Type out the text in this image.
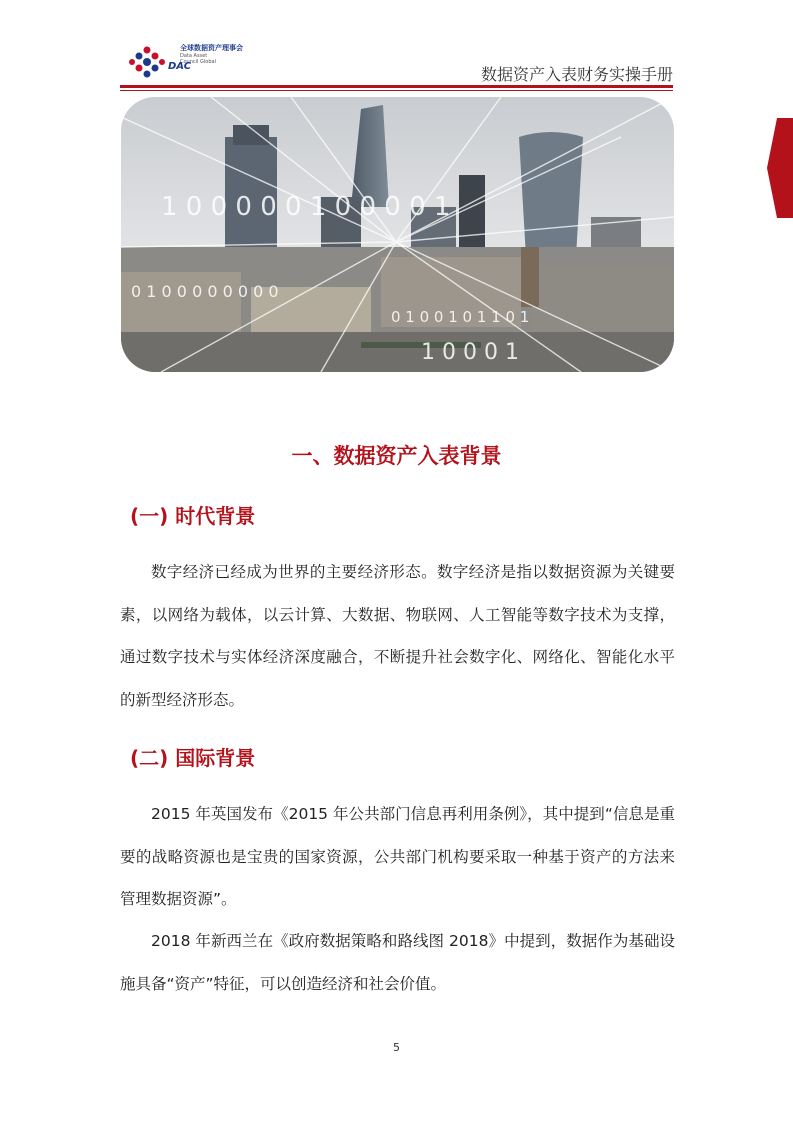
全球数据资产理事会
Data Asset
Council Global
DAC	数据资产入表财务实操手册
1 0 0 0 0 0 1 0 0 0 0 1
0 1 0 0 0 0 0 0 0 0
0 1 0 0 1 0 1 1 0 1
1 0 0 0 1
一、数据资产入表背景
(一) 时代背景

数字经济已经成为世界的主要经济形态。数字经济是指以数据资源为关键要素，以网络为载体，以云计算、大数据、物联网、人工智能等数字技术为支撑，通过数字技术与实体经济深度融合，不断提升社会数字化、网络化、智能化水平的新型经济形态。

(二) 国际背景

2015 年英国发布《2015 年公共部门信息再利用条例》，其中提到“信息是重要的战略资源也是宝贵的国家资源，公共部门机构要采取一种基于资产的方法来管理数据资源”。

2018 年新西兰在《政府数据策略和路线图 2018》中提到，数据作为基础设施具备“资产”特征，可以创造经济和社会价值。

5
